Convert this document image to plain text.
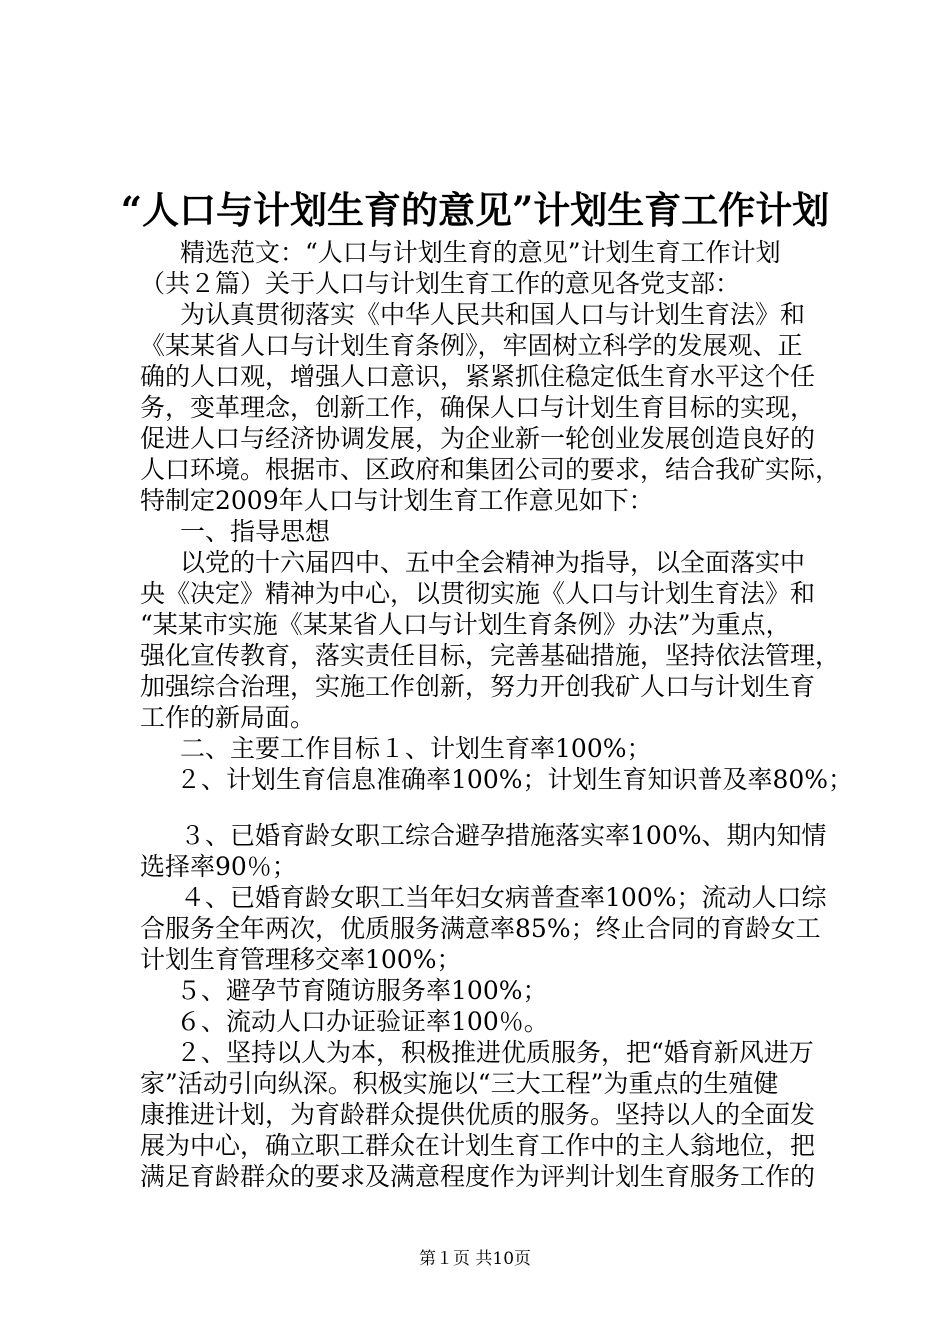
“人口与计划生育的意见”计划生育工作计划
精选范文：“人口与计划生育的意见”计划生育工作计划
（共２篇）关于人口与计划生育工作的意见各党支部：
为认真贯彻落实《中华人民共和国人口与计划生育法》和
《某某省人口与计划生育条例》，牢固树立科学的发展观、正
确的人口观，增强人口意识，紧紧抓住稳定低生育水平这个任
务，变革理念，创新工作，确保人口与计划生育目标的实现，
促进人口与经济协调发展，为企业新一轮创业发展创造良好的
人口环境。根据市、区政府和集团公司的要求，结合我矿实际，
特制定2009年人口与计划生育工作意见如下：
一、指导思想
以党的十六届四中、五中全会精神为指导，以全面落实中
央《决定》精神为中心，以贯彻实施《人口与计划生育法》和
“某某市实施《某某省人口与计划生育条例》办法”为重点，
强化宣传教育，落实责任目标，完善基础措施，坚持依法管理，
加强综合治理，实施工作创新，努力开创我矿人口与计划生育
工作的新局面。
二、主要工作目标１、计划生育率100%；
２、计划生育信息准确率100%；计划生育知识普及率80%；
３、已婚育龄女职工综合避孕措施落实率100%、期内知情
选择率90％；
４、已婚育龄女职工当年妇女病普查率100%；流动人口综
合服务全年两次，优质服务满意率85%；终止合同的育龄女工
计划生育管理移交率100%；
５、避孕节育随访服务率100%；
６、流动人口办证验证率100％。
２、坚持以人为本，积极推进优质服务，把“婚育新风进万
家”活动引向纵深。积极实施以“三大工程”为重点的生殖健
康推进计划，为育龄群众提供优质的服务。坚持以人的全面发
展为中心，确立职工群众在计划生育工作中的主人翁地位，把
满足育龄群众的要求及满意程度作为评判计划生育服务工作的
第１页 共10页
